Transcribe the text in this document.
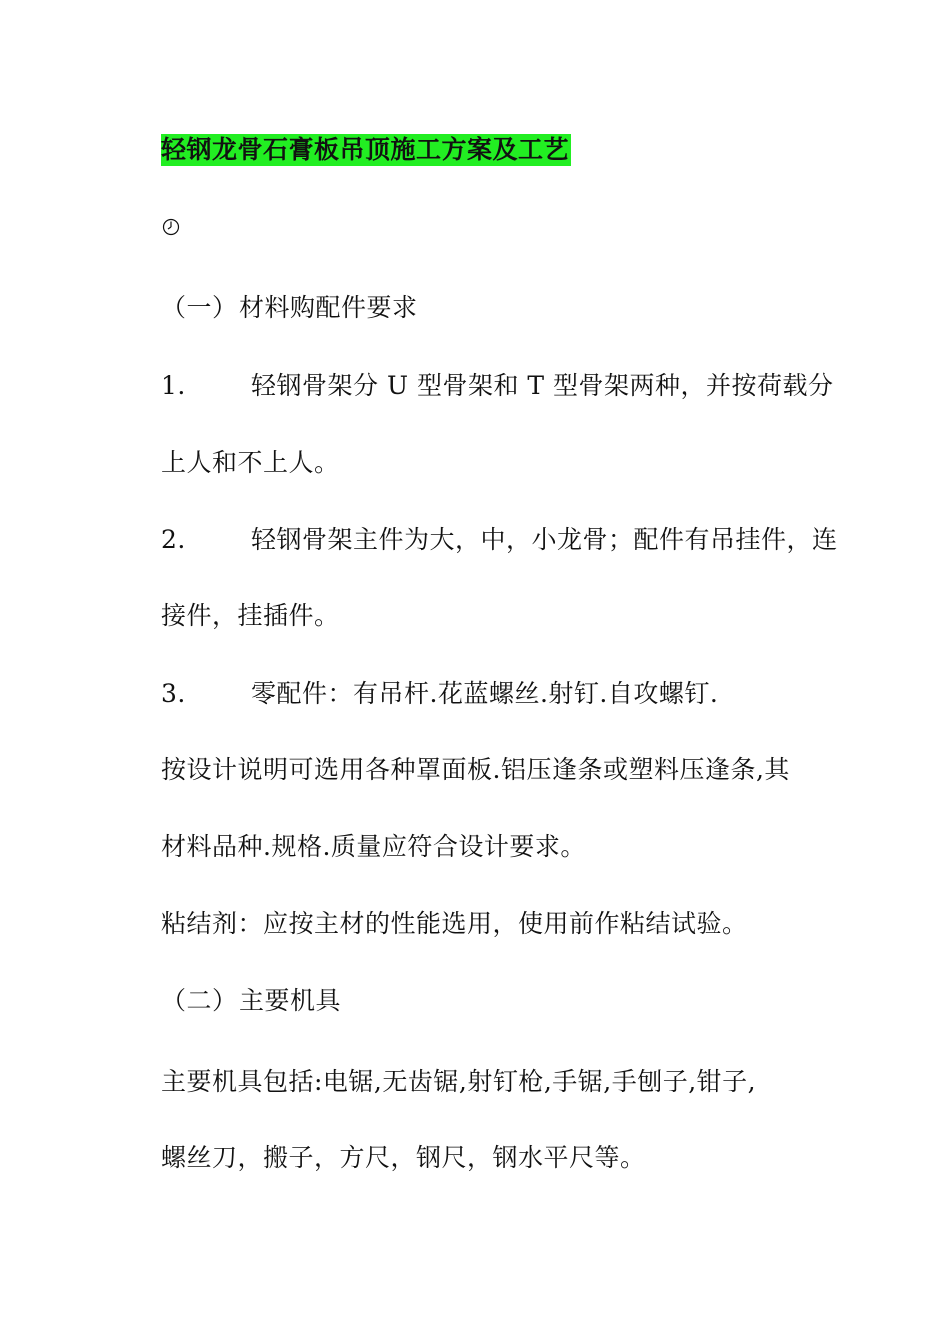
轻钢龙骨石膏板吊顶施工方案及工艺
（一）材料购配件要求
1.	轻钢骨架分 U 型骨架和 T 型骨架两种，并按荷载分
上人和不上人。
2.	轻钢骨架主件为大，中，小龙骨；配件有吊挂件，连
接件，挂插件。
3.	零配件：有吊杆.花蓝螺丝.射钉.自攻螺钉.
按设计说明可选用各种罩面板.铝压逢条或塑料压逢条,其
材料品种.规格.质量应符合设计要求。
粘结剂：应按主材的性能选用，使用前作粘结试验。
（二）主要机具
主要机具包括:电锯,无齿锯,射钉枪,手锯,手刨子,钳子,
螺丝刀，搬子，方尺，钢尺，钢水平尺等。
